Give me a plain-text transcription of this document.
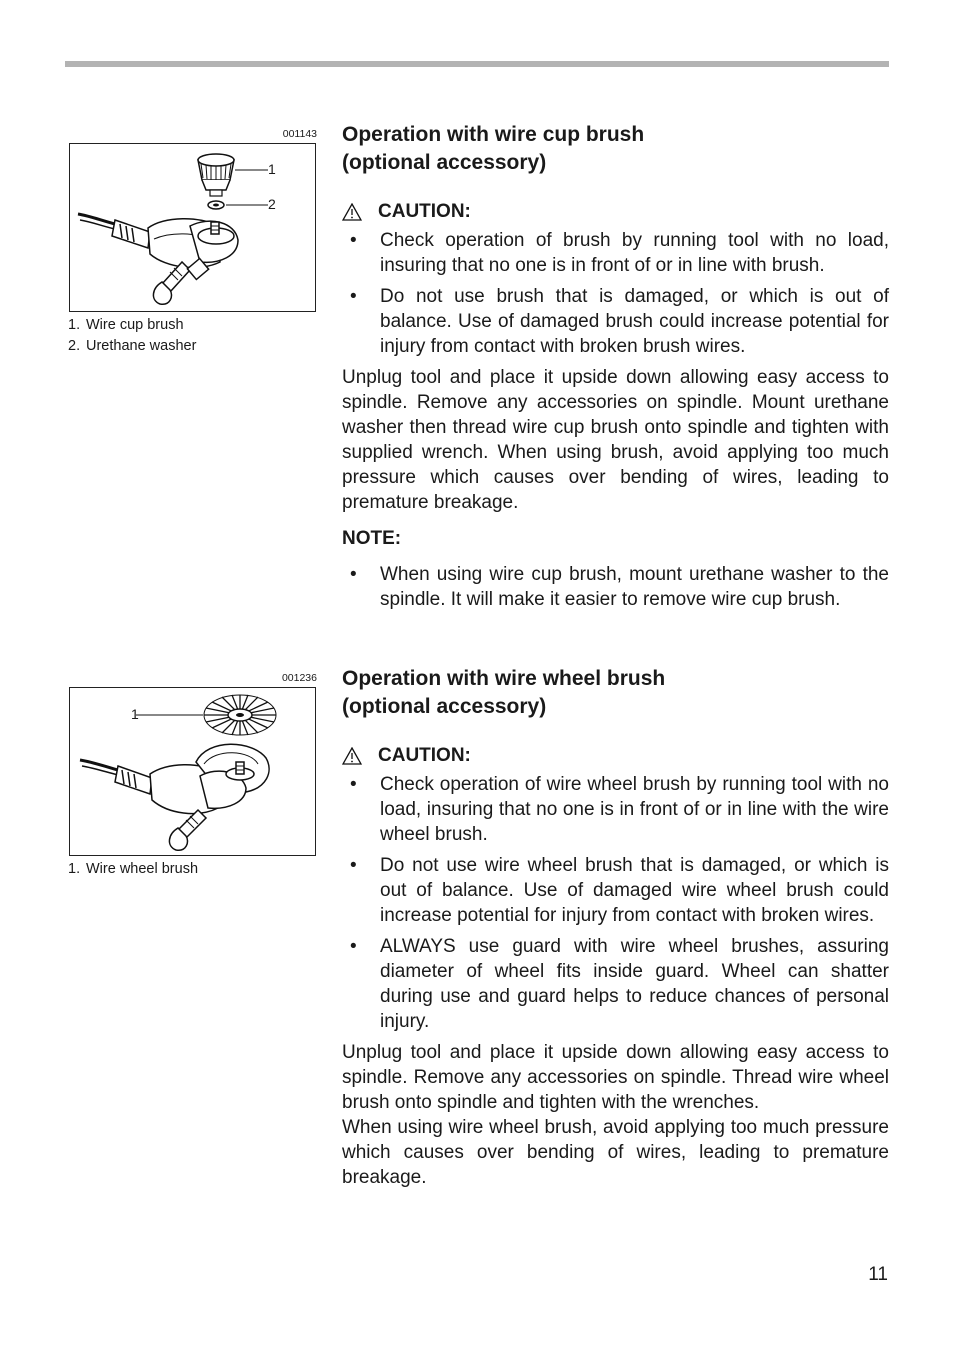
001143
1
2
1. Wire cup brush
2. Urethane washer
Operation with wire cup brush
(optional accessory)
CAUTION:
• Check operation of brush by running tool with no load, insuring that no one is in front of or in line with brush.
• Do not use brush that is damaged, or which is out of balance. Use of damaged brush could increase potential for injury from contact with broken brush wires.

Unplug tool and place it upside down allowing easy access to spindle. Remove any accessories on spindle. Mount urethane washer then thread wire cup brush onto spindle and tighten with supplied wrench. When using brush, avoid applying too much pressure which causes over bending of wires, leading to premature breakage.

NOTE:
• When using wire cup brush, mount urethane washer to the spindle. It will make it easier to remove wire cup brush.
001236
1
1. Wire wheel brush
Operation with wire wheel brush
(optional accessory)
CAUTION:
• Check operation of wire wheel brush by running tool with no load, insuring that no one is in front of or in line with the wire wheel brush.
• Do not use wire wheel brush that is damaged, or which is out of balance. Use of damaged wire wheel brush could increase potential for injury from contact with broken wires.
• ALWAYS use guard with wire wheel brushes, assuring diameter of wheel fits inside guard. Wheel can shatter during use and guard helps to reduce chances of personal injury.

Unplug tool and place it upside down allowing easy access to spindle. Remove any accessories on spindle. Thread wire wheel brush onto spindle and tighten with the wrenches.

When using wire wheel brush, avoid applying too much pressure which causes over bending of wires, leading to premature breakage.

11
